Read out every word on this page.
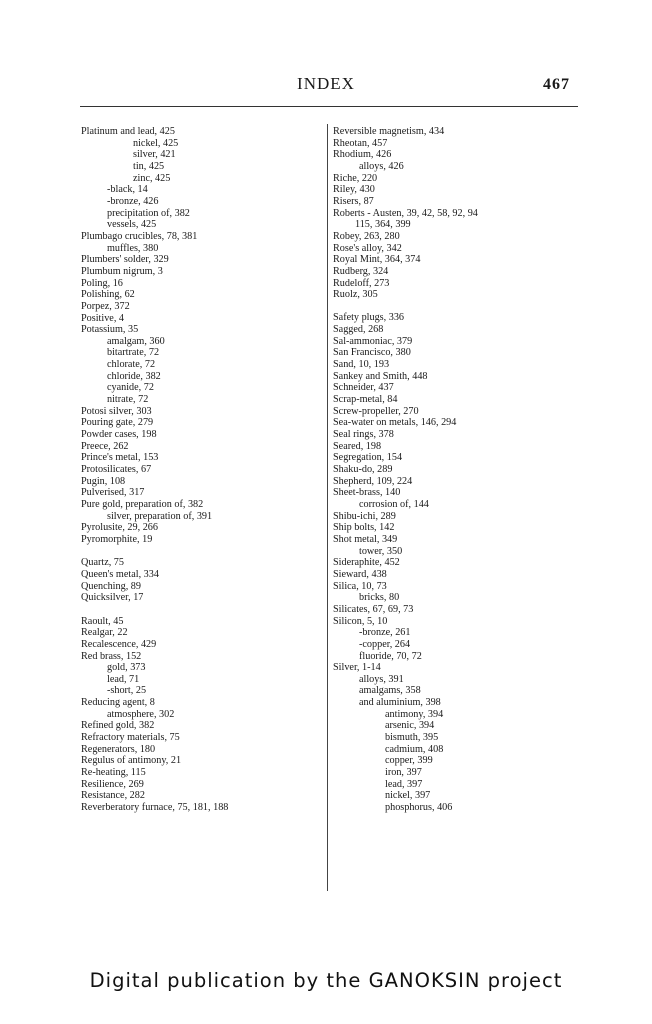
INDEX	467
Platinum and lead, 425
nickel, 425
silver, 421
tin, 425
zinc, 425
-black, 14
-bronze, 426
precipitation of, 382
vessels, 425
Plumbago crucibles, 78, 381
muffles, 380
Plumbers' solder, 329
Plumbum nigrum, 3
Poling, 16
Polishing, 62
Porpez, 372
Positive, 4
Potassium, 35
amalgam, 360
bitartrate, 72
chlorate, 72
chloride, 382
cyanide, 72
nitrate, 72
Potosi silver, 303
Pouring gate, 279
Powder cases, 198
Preece, 262
Prince's metal, 153
Protosilicates, 67
Pugin, 108
Pulverised, 317
Pure gold, preparation of, 382
silver, preparation of, 391
Pyrolusite, 29, 266
Pyromorphite, 19
Quartz, 75
Queen's metal, 334
Quenching, 89
Quicksilver, 17
Raoult, 45
Realgar, 22
Recalescence, 429
Red brass, 152
gold, 373
lead, 71
-short, 25
Reducing agent, 8
atmosphere, 302
Refined gold, 382
Refractory materials, 75
Regenerators, 180
Regulus of antimony, 21
Re-heating, 115
Resilience, 269
Resistance, 282
Reverberatory furnace, 75, 181, 188
Reversible magnetism, 434
Rheotan, 457
Rhodium, 426
alloys, 426
Riche, 220
Riley, 430
Risers, 87
Roberts - Austen, 39, 42, 58, 92, 94
115, 364, 399
Robey, 263, 280
Rose's alloy, 342
Royal Mint, 364, 374
Rudberg, 324
Rudeloff, 273
Ruolz, 305
Safety plugs, 336
Sagged, 268
Sal-ammoniac, 379
San Francisco, 380
Sand, 10, 193
Sankey and Smith, 448
Schneider, 437
Scrap-metal, 84
Screw-propeller, 270
Sea-water on metals, 146, 294
Seal rings, 378
Seared, 198
Segregation, 154
Shaku-do, 289
Shepherd, 109, 224
Sheet-brass, 140
corrosion of, 144
Shibu-ichi, 289
Ship bolts, 142
Shot metal, 349
tower, 350
Sideraphite, 452
Sieward, 438
Silica, 10, 73
bricks, 80
Silicates, 67, 69, 73
Silicon, 5, 10
-bronze, 261
-copper, 264
fluoride, 70, 72
Silver, 1-14
alloys, 391
amalgams, 358
and aluminium, 398
antimony, 394
arsenic, 394
bismuth, 395
cadmium, 408
copper, 399
iron, 397
lead, 397
nickel, 397
phosphorus, 406
Digital publication by the GANOKSIN project
